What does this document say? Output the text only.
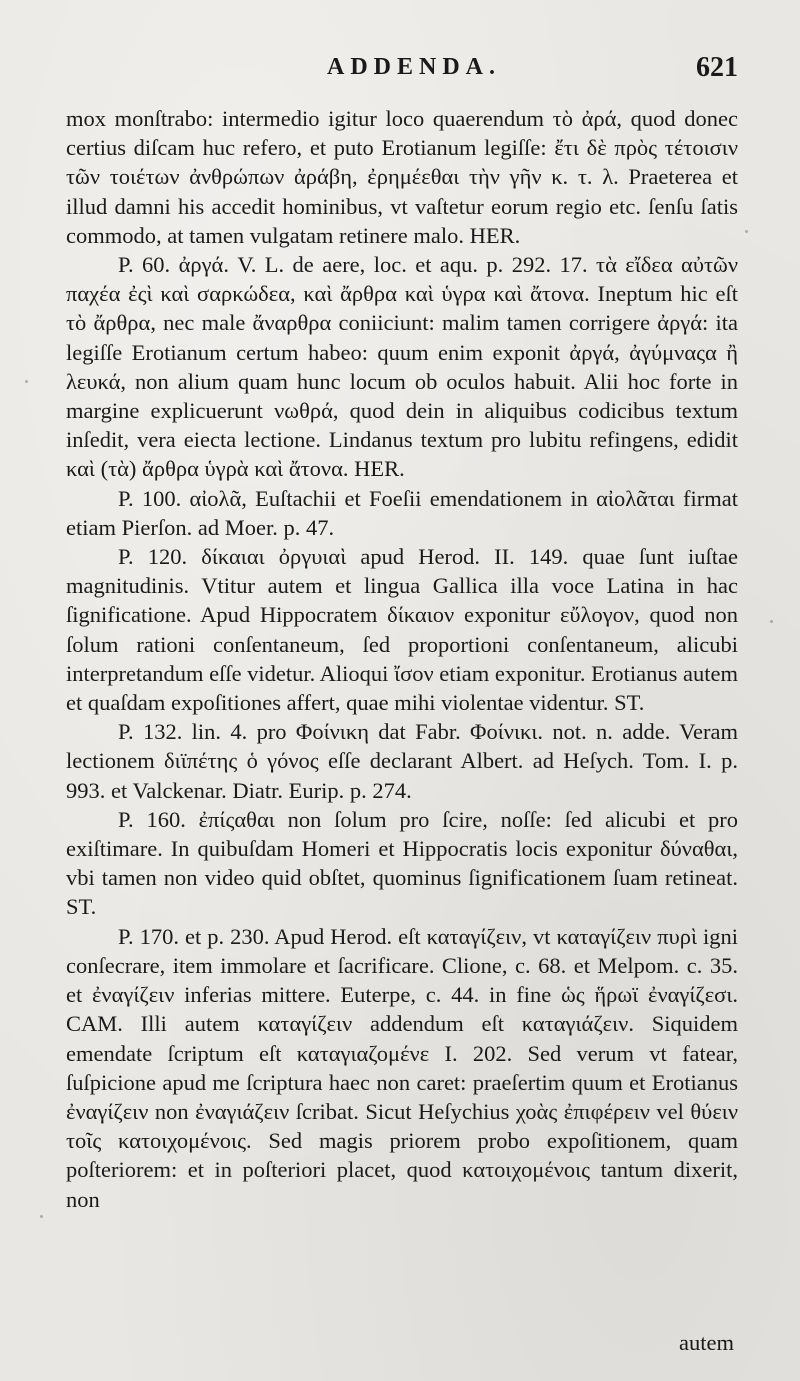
ADDENDA.	621

mox monſtrabo: intermedio igitur loco quaerendum τὸ ἀρά, quod donec certius diſcam huc refero, et puto Erotianum legiſſe: ἔτι δὲ πρὸς τέτοισιν τῶν τοιέτων ἀνθρώπων ἀράβη, ἐρημέεθαι τὴν γῆν κ. τ. λ. Praeterea et illud damni his accedit hominibus, vt vaſtetur eorum regio etc. ſenſu ſatis commodo, at tamen vulgatam retinere malo. HER.

P. 60. ἀργά. V. L. de aere, loc. et aqu. p. 292. 17. τὰ εἴδεα αὐτῶν παχέα ἐςὶ καὶ σαρκώδεα, καὶ ἄρθρα καὶ ὑγρα καὶ ἄτονα. Ineptum hic eſt τὸ ἄρθρα, nec male ἄναρθρα coniiciunt: malim tamen corrigere ἀργά: ita legiſſe Erotianum certum habeo: quum enim exponit ἀργά, ἀγύμναςα ἢ λευκά, non alium quam hunc locum ob oculos habuit. Alii hoc forte in margine explicuerunt νωθρά, quod dein in aliquibus codicibus textum inſedit, vera eiecta lectione. Lindanus textum pro lubitu refingens, edidit καὶ (τὰ) ἄρθρα ὑγρὰ καὶ ἄτονα. HER.

P. 100. αἰολᾶ, Euſtachii et Foeſii emendationem in αἰολᾶται firmat etiam Pierſon. ad Moer. p. 47.

P. 120. δίκαιαι ὀργυιαὶ apud Herod. II. 149. quae ſunt iuſtae magnitudinis. Vtitur autem et lingua Gallica illa voce Latina in hac ſignificatione. Apud Hippocratem δίκαιον exponitur εὔλογον, quod non ſolum rationi conſentaneum, ſed proportioni conſentaneum, alicubi interpretandum eſſe videtur. Alioqui ἴσον etiam exponitur. Erotianus autem et quaſdam expoſitiones affert, quae mihi violentae videntur. ST.

P. 132. lin. 4. pro Φοίνικη dat Fabr. Φοίνικι. not. n. adde. Veram lectionem διϊπέτης ὁ γόνος eſſe declarant Albert. ad Heſych. Tom. I. p. 993. et Valckenar. Diatr. Eurip. p. 274.

P. 160. ἐπίςαθαι non ſolum pro ſcire, noſſe: ſed alicubi et pro exiſtimare. In quibuſdam Homeri et Hippocratis locis exponitur δύναθαι, vbi tamen non video quid obſtet, quominus ſignificationem ſuam retineat. ST.

P. 170. et p. 230. Apud Herod. eſt καταγίζειν, vt καταγίζειν πυρὶ igni conſecrare, item immolare et ſacrificare. Clione, c. 68. et Melpom. c. 35. et ἐναγίζειν inferias mittere. Euterpe, c. 44. in fine ὡς ἥρωϊ ἐναγίζεσι. CAM. Illi autem καταγίζειν addendum eſt καταγιάζειν. Siquidem emendate ſcriptum eſt καταγιαζομένε I. 202. Sed verum vt fatear, ſuſpicione apud me ſcriptura haec non caret: praeſertim quum et Erotianus ἐναγίζειν non ἐναγιάζειν ſcribat. Sicut Heſychius χοὰς ἐπιφέρειν vel θύειν τοῖς κατοιχομένοις. Sed magis priorem probo expoſitionem, quam poſteriorem: et in poſteriori placet, quod κατοιχομένοις tantum dixerit, non

autem
